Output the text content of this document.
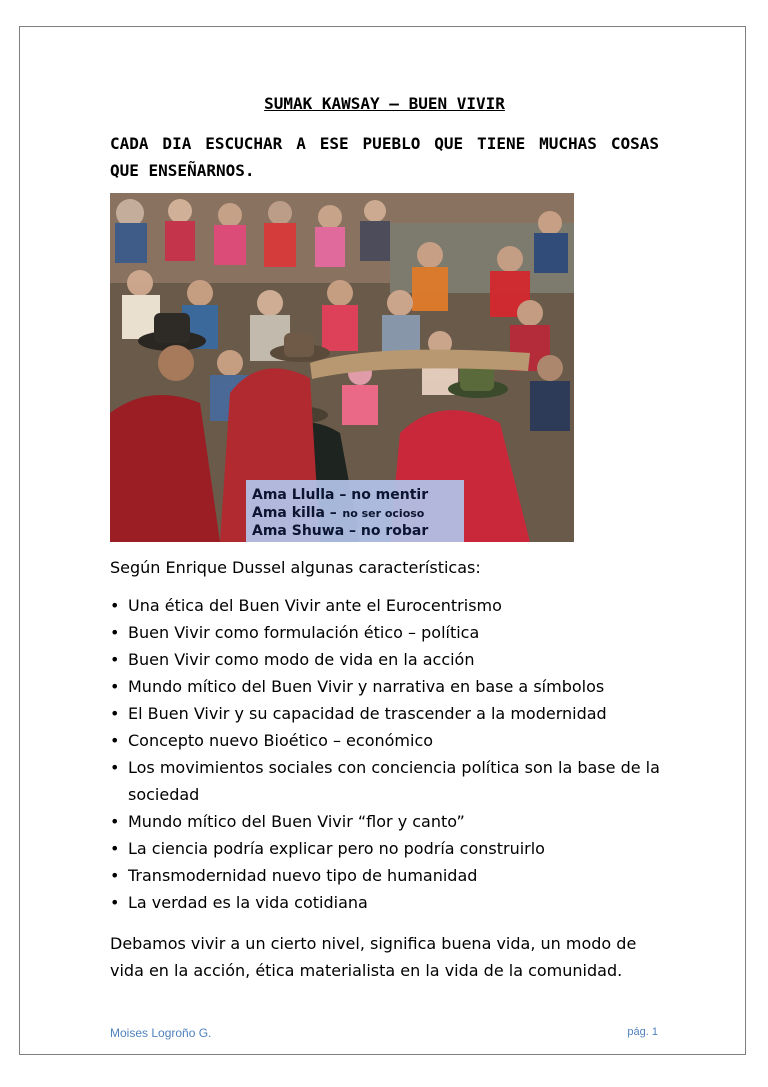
SUMAK KAWSAY – BUEN VIVIR
CADA DIA ESCUCHAR A ESE PUEBLO QUE TIENE MUCHAS COSAS QUE ENSEÑARNOS.
Ama Llulla – no mentir
Ama killa – no ser ocioso
Ama Shuwa – no robar
Según Enrique Dussel algunas características:
• Una ética del Buen Vivir ante el Eurocentrismo
• Buen Vivir como formulación ético – política
• Buen Vivir como modo de vida en la acción
• Mundo mítico del Buen Vivir y narrativa en base a símbolos
• El Buen Vivir y su capacidad de trascender a la modernidad
• Concepto nuevo Bioético – económico
• Los movimientos sociales con conciencia política son la base de la sociedad
• Mundo mítico del Buen Vivir “flor y canto”
• La ciencia podría explicar pero no podría construirlo
• Transmodernidad nuevo tipo de humanidad
• La verdad es la vida cotidiana
Debamos vivir a un cierto nivel, significa buena vida, un modo de vida en la acción, ética materialista en la vida de la comunidad.
Moises Logroño G.	pág. 1
